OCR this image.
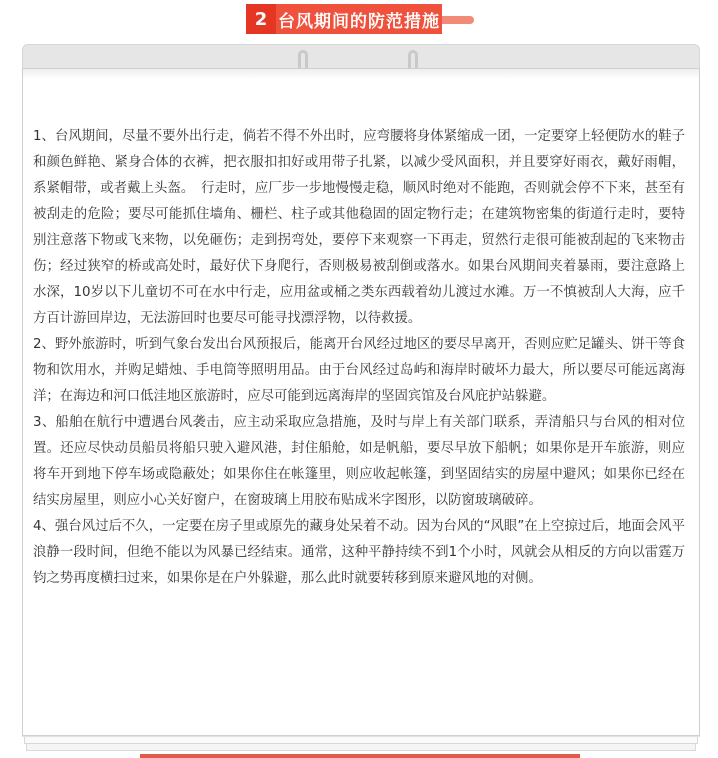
2 台风期间的防范措施

1、台风期间，尽量不要外出行走，倘若不得不外出时，应弯腰将身体紧缩成一团，一定要穿上轻便防水的鞋子和颜色鲜艳、紧身合体的衣裤，把衣服扣扣好或用带子扎紧，以减少受风面积，并且要穿好雨衣，戴好雨帽，系紧帽带，或者戴上头盔。　行走时，应厂步一步地慢慢走稳，顺风时绝对不能跑，否则就会停不下来，甚至有被刮走的危险；要尽可能抓住墙角、栅栏、柱子或其他稳固的固定物行走；在建筑物密集的街道行走时，要特别注意落下物或飞来物，以免砸伤；走到拐弯处，要停下来观察一下再走，贸然行走很可能被刮起的飞来物击伤；经过狭窄的桥或高处时，最好伏下身爬行，否则极易被刮倒或落水。如果台风期间夹着暴雨，要注意路上水深，10岁以下儿童切不可在水中行走，应用盆或桶之类东西载着幼儿渡过水滩。万一不慎被刮人大海，应千方百计游回岸边，无法游回时也要尽可能寻找漂浮物，以待救援。

2、野外旅游时，听到气象台发出台风预报后，能离开台风经过地区的要尽早离开，否则应贮足罐头、饼干等食物和饮用水，并购足蜡烛、手电筒等照明用品。由于台风经过岛屿和海岸时破坏力最大，所以要尽可能远离海洋；在海边和河口低洼地区旅游时，应尽可能到远离海岸的坚固宾馆及台风庇护站躲避。

3、船舶在航行中遭遇台风袭击，应主动采取应急措施，及时与岸上有关部门联系，弄清船只与台风的相对位置。还应尽快动员船员将船只驶入避风港，封住船舱，如是帆船，要尽早放下船帆；如果你是开车旅游，则应将车开到地下停车场或隐蔽处；如果你住在帐篷里，则应收起帐篷，到坚固结实的房屋中避风；如果你已经在结实房屋里，则应小心关好窗户，在窗玻璃上用胶布贴成米字图形，以防窗玻璃破碎。

4、强台风过后不久，一定要在房子里或原先的藏身处呆着不动。因为台风的“风眼”在上空掠过后，地面会风平浪静一段时间，但绝不能以为风暴已经结束。通常，这种平静持续不到1个小时，风就会从相反的方向以雷霆万钧之势再度横扫过来，如果你是在户外躲避，那么此时就要转移到原来避风地的对侧。
